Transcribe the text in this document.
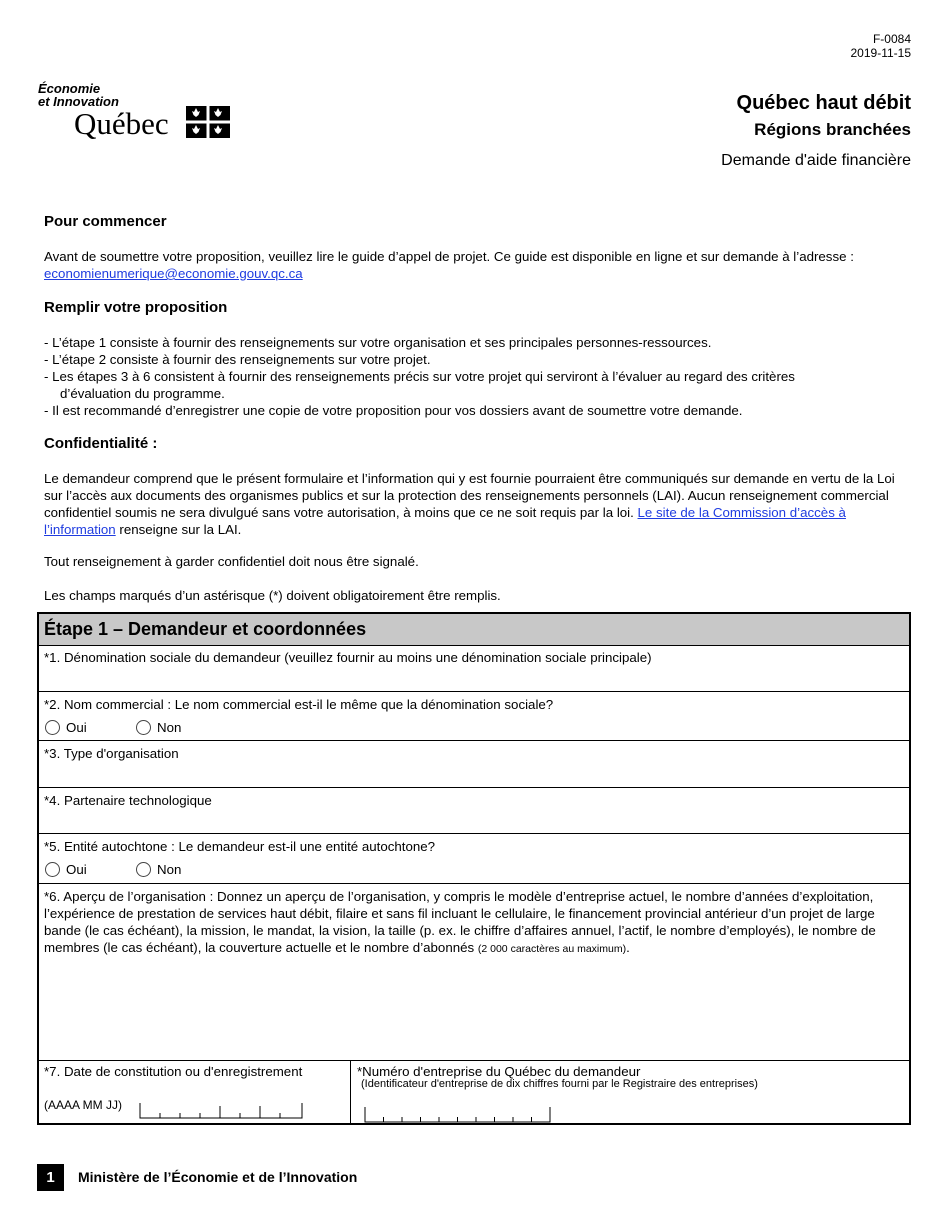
F-0084
2019-11-15
Économie
et Innovation
Québec
Québec haut débit
Régions branchées
Demande d'aide financière
Pour commencer
Avant de soumettre votre proposition, veuillez lire le guide d’appel de projet. Ce guide est disponible en ligne et sur demande à l’adresse :
economienumerique@economie.gouv.qc.ca
Remplir votre proposition
- L’étape 1 consiste à fournir des renseignements sur votre organisation et ses principales personnes-ressources.
- L’étape 2 consiste à fournir des renseignements sur votre projet.
- Les étapes 3 à 6 consistent à fournir des renseignements précis sur votre projet qui serviront à l’évaluer au regard des critères d’évaluation du programme.
- Il est recommandé d’enregistrer une copie de votre proposition pour vos dossiers avant de soumettre votre demande.
Confidentialité :
Le demandeur comprend que le présent formulaire et l’information qui y est fournie pourraient être communiqués sur demande en vertu de la Loi sur l’accès aux documents des organismes publics et sur la protection des renseignements personnels (LAI). Aucun renseignement commercial confidentiel soumis ne sera divulgué sans votre autorisation, à moins que ce ne soit requis par la loi. Le site de la Commission d’accès à l’information renseigne sur la LAI.
Tout renseignement à garder confidentiel doit nous être signalé.
Les champs marqués d’un astérisque (*) doivent obligatoirement être remplis.
Étape 1 – Demandeur et coordonnées
*1. Dénomination sociale du demandeur (veuillez fournir au moins une dénomination sociale principale)
*2. Nom commercial : Le nom commercial est-il le même que la dénomination sociale?
Oui	Non
*3. Type d'organisation
*4. Partenaire technologique
*5. Entité autochtone : Le demandeur est-il une entité autochtone?
Oui	Non
*6. Aperçu de l’organisation : Donnez un aperçu de l’organisation, y compris le modèle d’entreprise actuel, le nombre d’années d’exploitation, l’expérience de prestation de services haut débit, filaire et sans fil incluant le cellulaire, le financement provincial antérieur d’un projet de large bande (le cas échéant), la mission, le mandat, la vision, la taille (p. ex. le chiffre d’affaires annuel, l’actif, le nombre d’employés), le nombre de membres (le cas échéant), la couverture actuelle et le nombre d’abonnés (2 000 caractères au maximum).
*7. Date de constitution ou d'enregistrement
(AAAA MM JJ)
*Numéro d'entreprise du Québec du demandeur
(Identificateur d'entreprise de dix chiffres fourni par le Registraire des entreprises)
1	Ministère de l’Économie et de l’Innovation
